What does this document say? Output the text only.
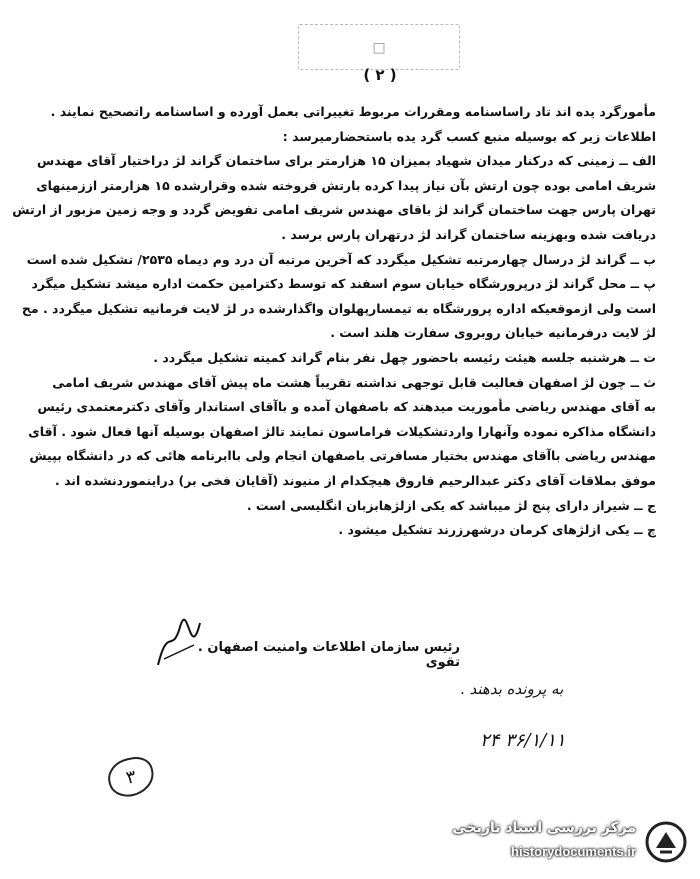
□
( ۲ )
مأمورگرد یده اند تاد راساسنامه ومقررات مربوط تغییراتی بعمل آورده و اساسنامه راتصحیح نمایند .
اطلاعات زیر که بوسیله منبع کسب گرد یده باستحضارمیرسد :
الف ــ زمینی که درکنار میدان شهیاد بمیزان ۱۵ هزارمتر برای ساختمان گراند لژ دراختیار آقای مهندس
شریف امامی بوده چون ارتش بآن نیاز پیدا کرده بارتش فروخته شده وقرارشده ۱۵ هزارمتر اززمینهای
تهران پارس جهت ساختمان گراند لژ باقای مهندس شریف امامی تفویض گردد و وجه زمین مزبور از ارتش
دریافت شده وبهزینه ساختمان گراند لژ درتهران پارس برسد .
ب ــ گراند لژ درسال چهارمرتبه تشکیل میگردد که آخرین مرتبه آن درد وم دیماه ۲۵۳۵/ تشکیل شده است
پ ــ محل گراند لژ درپرورشگاه خیابان سوم اسفند که توسط دکترامین حکمت اداره میشد تشکیل میگرد
است ولی ازموقعیکه اداره پرورشگاه به تیمسارپهلوان واگذارشده در لژ لایت فرمانیه تشکیل میگردد . مح
لژ لایت درفرمانیه خیابان روبروی سفارت هلند است .
ت ــ هرشنبه جلسه هیئت رئیسه باحضور چهل نفر بنام گراند کمیته تشکیل میگردد .
ث ــ چون لژ اصفهان فعالیت قابل توجهی نداشته تقریباً هشت ماه پیش آقای مهندس شریف امامی
به آقای مهندس ریاضی مأموریت میدهند که باصفهان آمده و باآقای استاندار وآقای دکترمعتمدی رئیس
دانشگاه مذاکره نموده وآنهارا واردتشکیلات فراماسون نمایند تالژ اصفهان بوسیله آنها فعال شود . آقای
مهندس ریاضی باآقای مهندس بختیار مسافرتی باصفهان انجام ولی باابرنامه هائی که در دانشگاه بپیش
موفق بملاقات آقای دکتر عبدالرحیم فاروق هیچکدام از منیوند (آقایان فخی بر) دراینموردنشده اند .
ج ــ شیراز دارای پنج لژ میباشد که یکی ازلژهابزبان انگلیسی است .
چ ــ یکی ازلژهای کرمان درشهرزرند تشکیل میشود .
رئیس سازمان اطلاعات وامنیت اصفهان . تقوی
به پرونده بدهند .
۳۶/۱/۱۱ ۲۴
۳
مرکز بررسی اسناد تاریخی
historydocuments.ir
